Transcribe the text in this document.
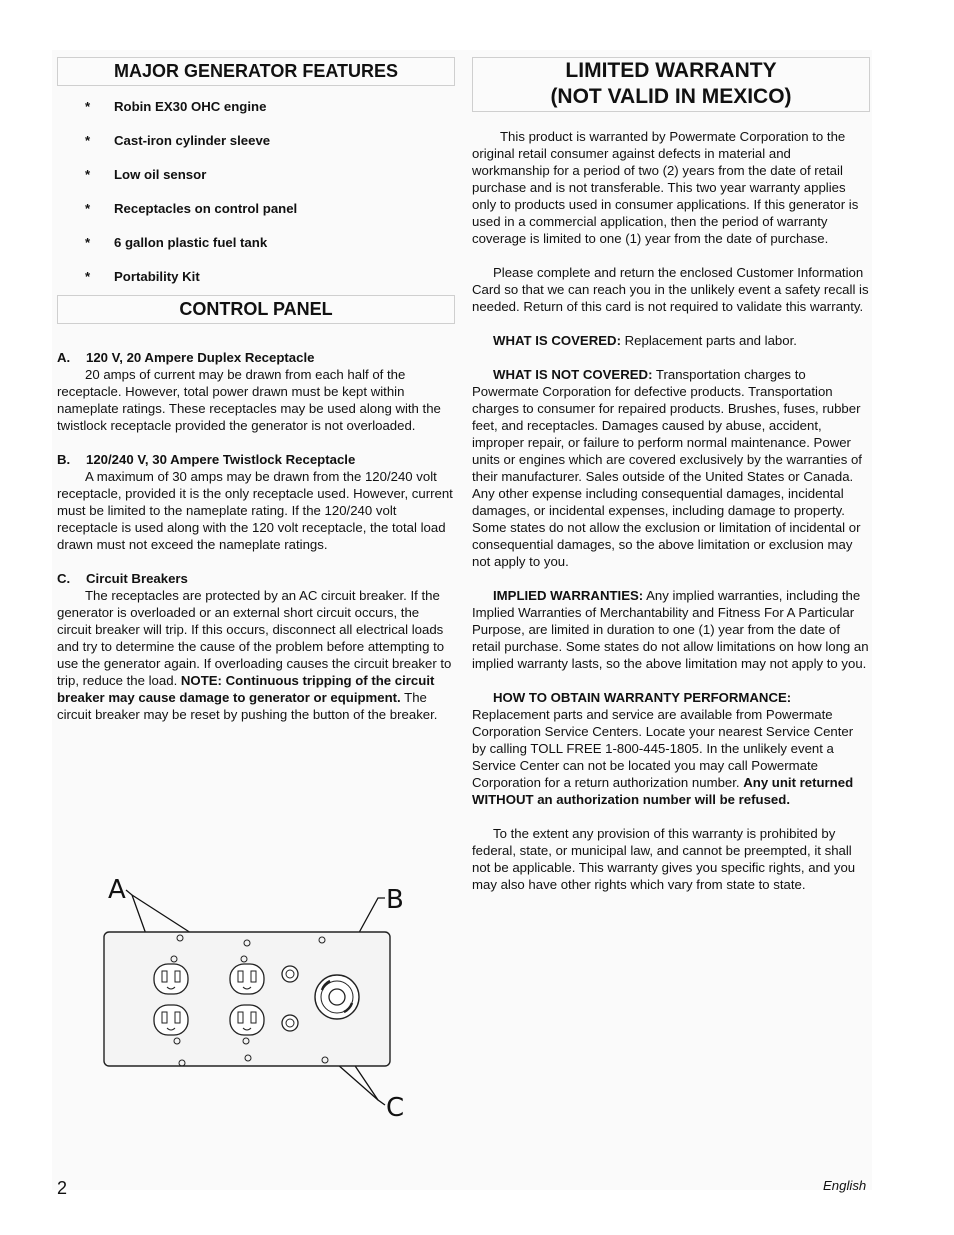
MAJOR GENERATOR FEATURES
* Robin EX30 OHC engine
* Cast-iron cylinder sleeve
* Low oil sensor
* Receptacles on control panel
* 6 gallon plastic fuel tank
* Portability Kit
CONTROL PANEL
A. 120 V, 20 Ampere Duplex Receptacle

20 amps of current may be drawn from each half of the receptacle. However, total power drawn must be kept within nameplate ratings. These receptacles may be used along with the twistlock receptacle provided the generator is not overloaded.

B. 120/240 V, 30 Ampere Twistlock Receptacle

A maximum of 30 amps may be drawn from the 120/240 volt receptacle, provided it is the only receptacle used. However, current must be limited to the nameplate rating. If the 120/240 volt receptacle is used along with the 120 volt receptacle, the total load drawn must not exceed the nameplate ratings.

C. Circuit Breakers

The receptacles are protected by an AC circuit breaker. If the generator is overloaded or an external short circuit occurs, the circuit breaker will trip. If this occurs, disconnect all electrical loads and try to determine the cause of the problem before attempting to use the generator again. If overloading causes the circuit breaker to trip, reduce the load. NOTE: Continuous tripping of the circuit breaker may cause damage to generator or equipment. The circuit breaker may be reset by pushing the button of the breaker.

A	B
C
LIMITED WARRANTY
(NOT VALID IN MEXICO)

This product is warranted by Powermate Corporation to the original retail consumer against defects in material and workmanship for a period of two (2) years from the date of retail purchase and is not transferable. This two year warranty applies only to products used in consumer applications. If this generator is used in a commercial application, then the period of warranty coverage is limited to one (1) year from the date of purchase.

Please complete and return the enclosed Customer Information Card so that we can reach you in the unlikely event a safety recall is needed. Return of this card is not required to validate this warranty.

WHAT IS COVERED: Replacement parts and labor.

WHAT IS NOT COVERED: Transportation charges to Powermate Corporation for defective products. Transportation charges to consumer for repaired products. Brushes, fuses, rubber feet, and receptacles. Damages caused by abuse, accident, improper repair, or failure to perform normal maintenance. Power units or engines which are covered exclusively by the warranties of their manufacturer. Sales outside of the United States or Canada. Any other expense including consequential damages, incidental damages, or incidental expenses, including damage to property. Some states do not allow the exclusion or limitation of incidental or consequential damages, so the above limitation or exclusion may not apply to you.

IMPLIED WARRANTIES: Any implied warranties, including the Implied Warranties of Merchantability and Fitness For A Particular Purpose, are limited in duration to one (1) year from the date of retail purchase. Some states do not allow limitations on how long an implied warranty lasts, so the above limitation may not apply to you.

HOW TO OBTAIN WARRANTY PERFORMANCE:
Replacement parts and service are available from Powermate Corporation Service Centers. Locate your nearest Service Center by calling TOLL FREE 1-800-445-1805. In the unlikely event a Service Center can not be located you may call Powermate Corporation for a return authorization number. Any unit returned WITHOUT an authorization number will be refused.

To the extent any provision of this warranty is prohibited by federal, state, or municipal law, and cannot be preempted, it shall not be applicable. This warranty gives you specific rights, and you may also have other rights which vary from state to state.

2	English
